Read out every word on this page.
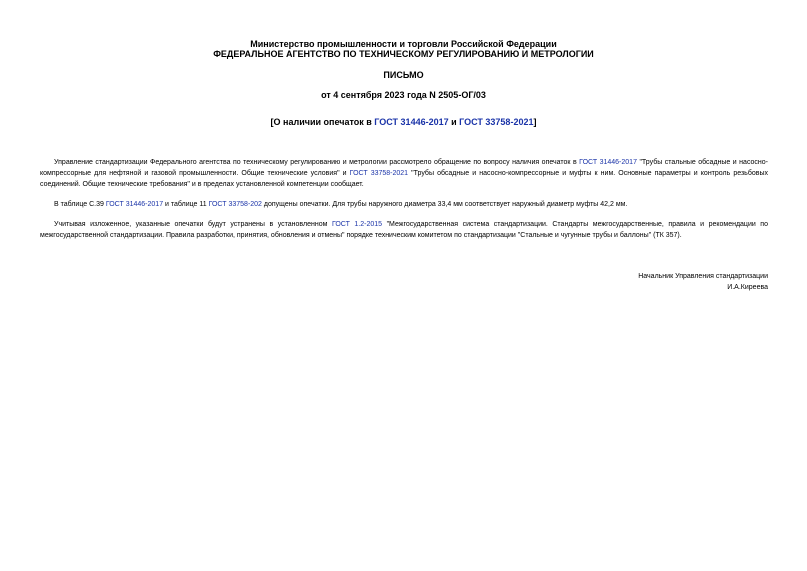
Министерство промышленности и торговли Российской Федерации
ФЕДЕРАЛЬНОЕ АГЕНТСТВО ПО ТЕХНИЧЕСКОМУ РЕГУЛИРОВАНИЮ И МЕТРОЛОГИИ
ПИСЬМО
от 4 сентября 2023 года N 2505-ОГ/03
[О наличии опечаток в ГОСТ 31446-2017 и ГОСТ 33758-2021]
Управление стандартизации Федерального агентства по техническому регулированию и метрологии рассмотрело обращение по вопросу наличия опечаток в ГОСТ 31446-2017 "Трубы стальные обсадные и насосно-компрессорные для нефтяной и газовой промышленности. Общие технические условия" и ГОСТ 33758-2021 "Трубы обсадные и насосно-компрессорные и муфты к ним. Основные параметры и контроль резьбовых соединений. Общие технические требования" и в пределах установленной компетенции сообщает.
В таблице С.39 ГОСТ 31446-2017 и таблице 11 ГОСТ 33758-202 допущены опечатки. Для трубы наружного диаметра 33,4 мм соответствует наружный диаметр муфты 42,2 мм.
Учитывая изложенное, указанные опечатки будут устранены в установленном ГОСТ 1.2-2015 "Межгосударственная система стандартизации. Стандарты межгосударственные, правила и рекомендации по межгосударственной стандартизации. Правила разработки, принятия, обновления и отмены" порядке техническим комитетом по стандартизации "Стальные и чугунные трубы и баллоны" (ТК 357).
Начальник Управления стандартизации
И.А.Киреева
